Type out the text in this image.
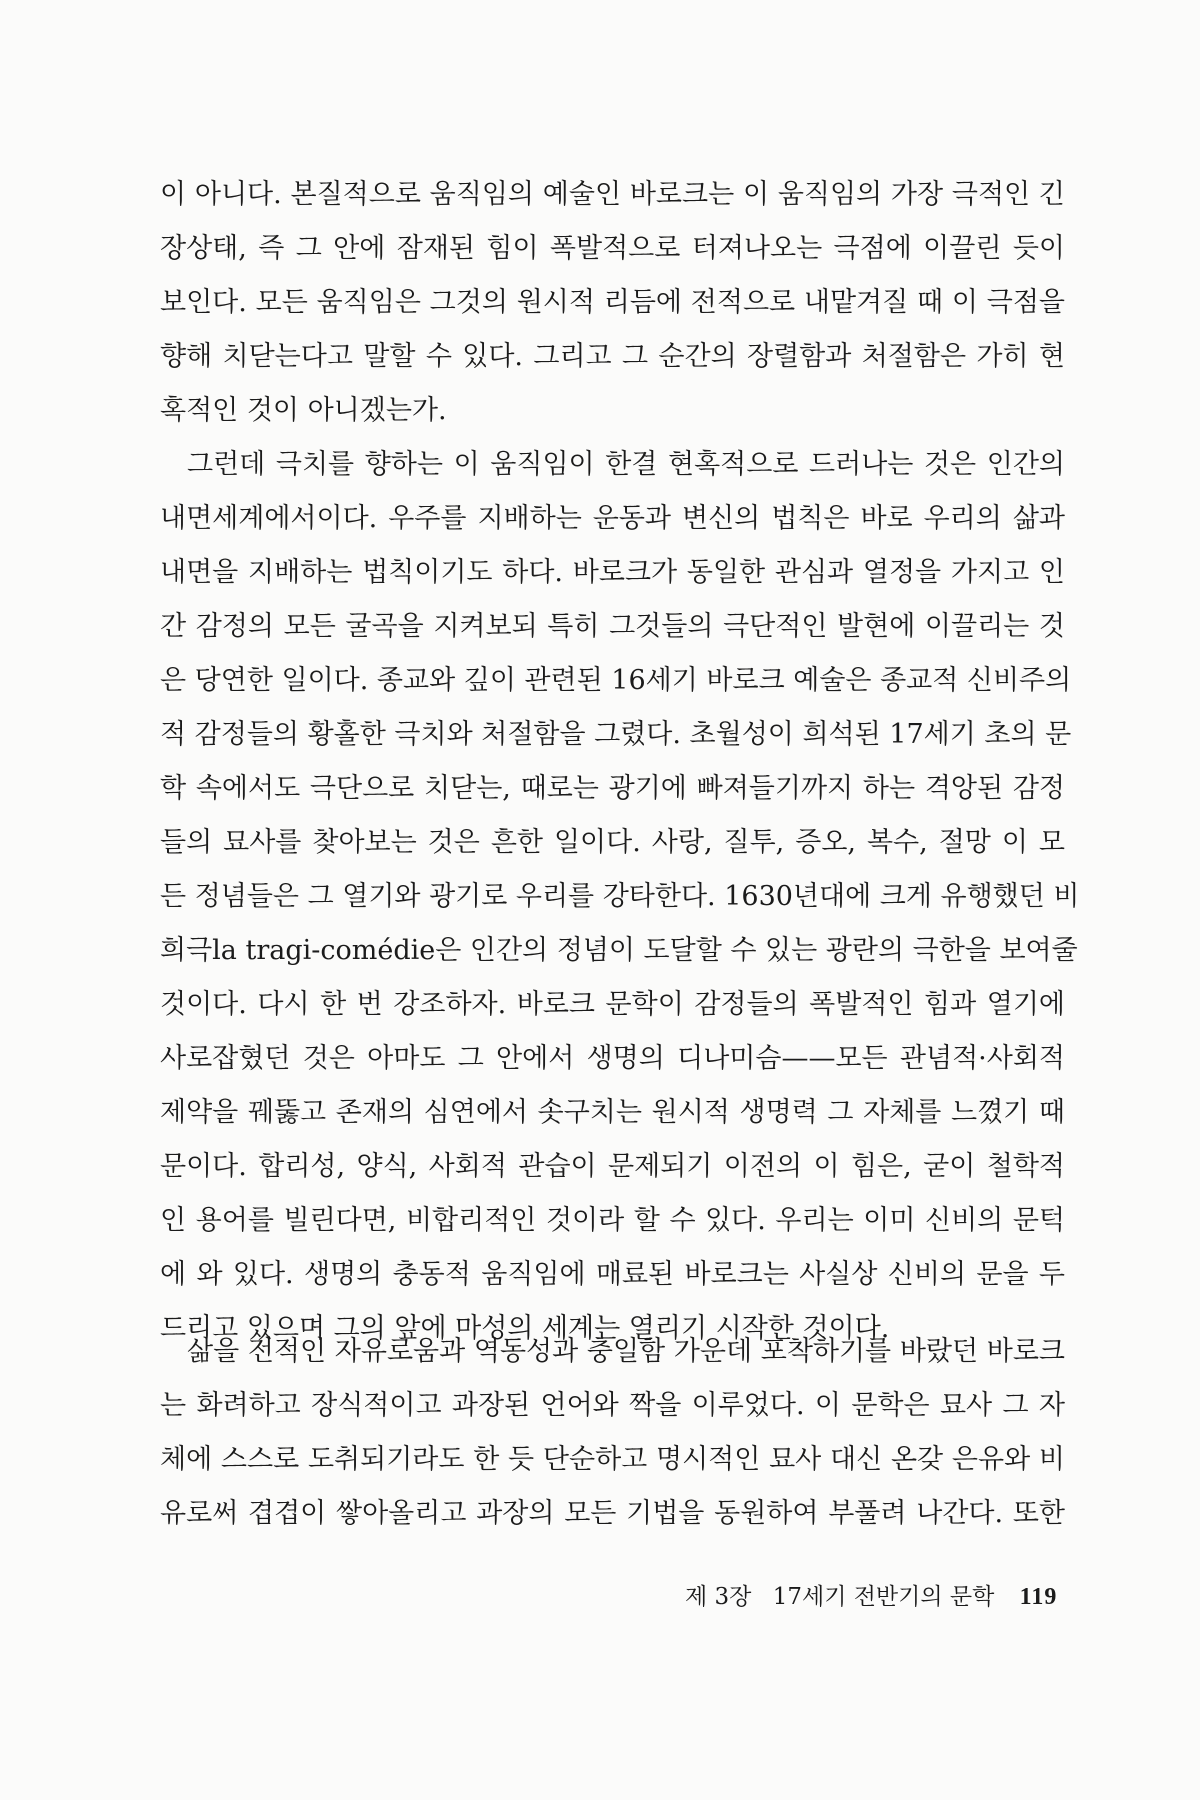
이 아니다. 본질적으로 움직임의 예술인 바로크는 이 움직임의 가장 극적인 긴
장상태, 즉 그 안에 잠재된 힘이 폭발적으로 터져나오는 극점에 이끌린 듯이
보인다. 모든 움직임은 그것의 원시적 리듬에 전적으로 내맡겨질 때 이 극점을
향해 치닫는다고 말할 수 있다. 그리고 그 순간의 장렬함과 처절함은 가히 현
혹적인 것이 아니겠는가.
그런데 극치를 향하는 이 움직임이 한결 현혹적으로 드러나는 것은 인간의
내면세계에서이다. 우주를 지배하는 운동과 변신의 법칙은 바로 우리의 삶과
내면을 지배하는 법칙이기도 하다. 바로크가 동일한 관심과 열정을 가지고 인
간 감정의 모든 굴곡을 지켜보되 특히 그것들의 극단적인 발현에 이끌리는 것
은 당연한 일이다. 종교와 깊이 관련된 16세기 바로크 예술은 종교적 신비주의
적 감정들의 황홀한 극치와 처절함을 그렸다. 초월성이 희석된 17세기 초의 문
학 속에서도 극단으로 치닫는, 때로는 광기에 빠져들기까지 하는 격앙된 감정
들의 묘사를 찾아보는 것은 흔한 일이다. 사랑, 질투, 증오, 복수, 절망 이 모
든 정념들은 그 열기와 광기로 우리를 강타한다. 1630년대에 크게 유행했던 비
희극la tragi-comédie은 인간의 정념이 도달할 수 있는 광란의 극한을 보여줄
것이다. 다시 한 번 강조하자. 바로크 문학이 감정들의 폭발적인 힘과 열기에
사로잡혔던 것은 아마도 그 안에서 생명의 디나미슴——모든 관념적·사회적
제약을 꿰뚫고 존재의 심연에서 솟구치는 원시적 생명력 그 자체를 느꼈기 때
문이다. 합리성, 양식, 사회적 관습이 문제되기 이전의 이 힘은, 굳이 철학적
인 용어를 빌린다면, 비합리적인 것이라 할 수 있다. 우리는 이미 신비의 문턱
에 와 있다. 생명의 충동적 움직임에 매료된 바로크는 사실상 신비의 문을 두
드리고 있으며 그의 앞에 마성의 세계는 열리기 시작한 것이다.
삶을 전적인 자유로움과 역동성과 충일함 가운데 포착하기를 바랐던 바로크
는 화려하고 장식적이고 과장된 언어와 짝을 이루었다. 이 문학은 묘사 그 자
체에 스스로 도취되기라도 한 듯 단순하고 명시적인 묘사 대신 온갖 은유와 비
유로써 겹겹이 쌓아올리고 과장의 모든 기법을 동원하여 부풀려 나간다. 또한
제 3장 17세기 전반기의 문학 119
